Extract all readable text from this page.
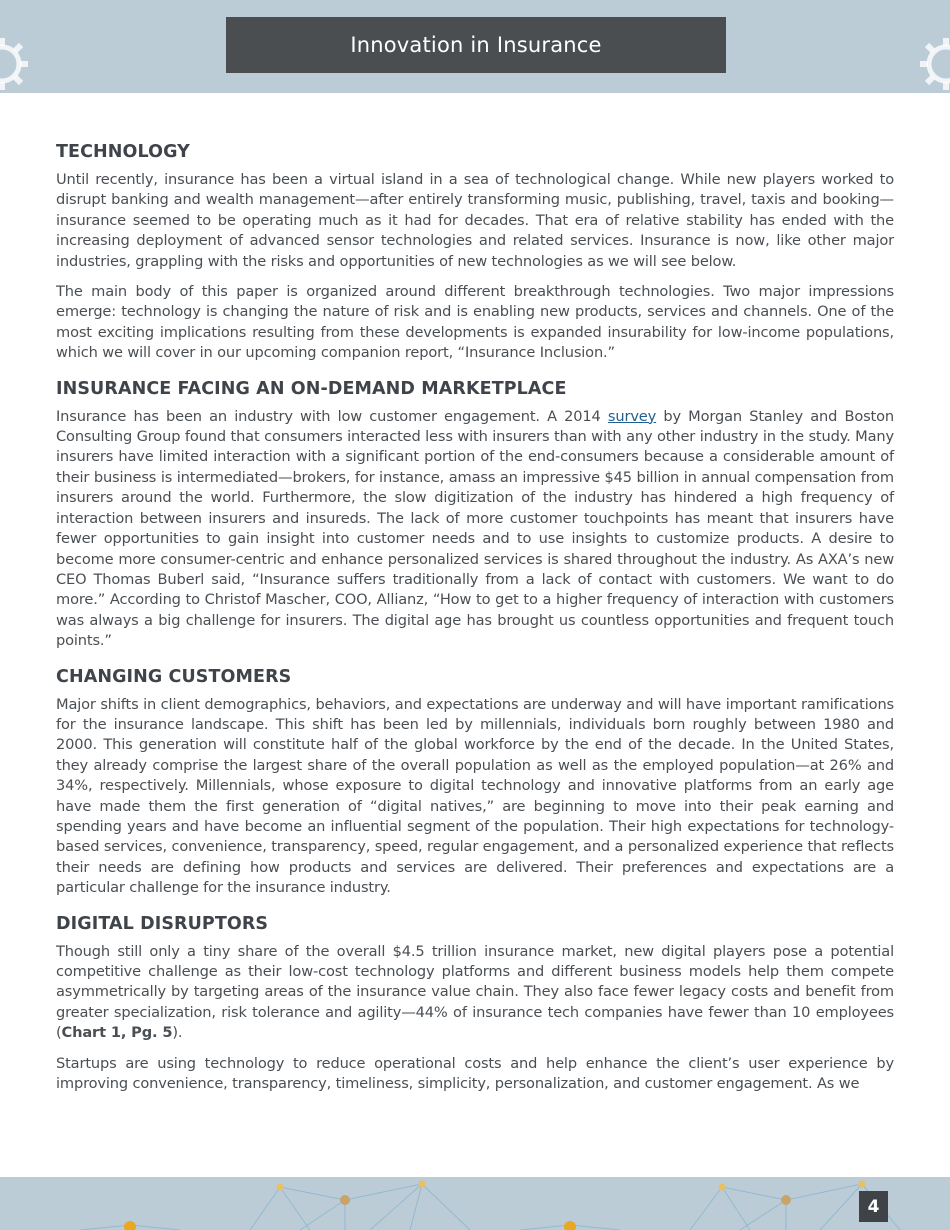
Innovation in Insurance
TECHNOLOGY

Until recently, insurance has been a virtual island in a sea of technological change. While new players worked to disrupt banking and wealth management—after entirely transforming music, publishing, travel, taxis and booking—insurance seemed to be operating much as it had for decades. That era of relative stability has ended with the increasing deployment of advanced sensor technologies and related services. Insurance is now, like other major industries, grappling with the risks and opportunities of new technologies as we will see below.

The main body of this paper is organized around different breakthrough technologies. Two major impressions emerge: technology is changing the nature of risk and is enabling new products, services and channels. One of the most exciting implications resulting from these developments is expanded insurability for low-income populations, which we will cover in our upcoming companion report, “Insurance Inclusion.”

INSURANCE FACING AN ON-DEMAND MARKETPLACE

Insurance has been an industry with low customer engagement. A 2014 survey by Morgan Stanley and Boston Consulting Group found that consumers interacted less with insurers than with any other industry in the study. Many insurers have limited interaction with a significant portion of the end-consumers because a considerable amount of their business is intermediated—brokers, for instance, amass an impressive $45 billion in annual compensation from insurers around the world. Furthermore, the slow digitization of the industry has hindered a high frequency of interaction between insurers and insureds. The lack of more customer touchpoints has meant that insurers have fewer opportunities to gain insight into customer needs and to use insights to customize products. A desire to become more consumer-centric and enhance personalized services is shared throughout the industry. As AXA’s new CEO Thomas Buberl said, “Insurance suffers traditionally from a lack of contact with customers. We want to do more.” According to Christof Mascher, COO, Allianz, “How to get to a higher frequency of interaction with customers was always a big challenge for insurers. The digital age has brought us countless opportunities and frequent touch points.”

CHANGING CUSTOMERS

Major shifts in client demographics, behaviors, and expectations are underway and will have important ramifications for the insurance landscape. This shift has been led by millennials, individuals born roughly between 1980 and 2000. This generation will constitute half of the global workforce by the end of the decade. In the United States, they already comprise the largest share of the overall population as well as the employed population—at 26% and 34%, respectively. Millennials, whose exposure to digital technology and innovative platforms from an early age have made them the first generation of “digital natives,” are beginning to move into their peak earning and spending years and have become an influential segment of the population. Their high expectations for technology-based services, convenience, transparency, speed, regular engagement, and a personalized experience that reflects their needs are defining how products and services are delivered. Their preferences and expectations are a particular challenge for the insurance industry.

DIGITAL DISRUPTORS

Though still only a tiny share of the overall $4.5 trillion insurance market, new digital players pose a potential competitive challenge as their low-cost technology platforms and different business models help them compete asymmetrically by targeting areas of the insurance value chain. They also face fewer legacy costs and benefit from greater specialization, risk tolerance and agility—44% of insurance tech companies have fewer than 10 employees (Chart 1, Pg. 5).

Startups are using technology to reduce operational costs and help enhance the client’s user experience by improving convenience, transparency, timeliness, simplicity, personalization, and customer engagement. As we

4
